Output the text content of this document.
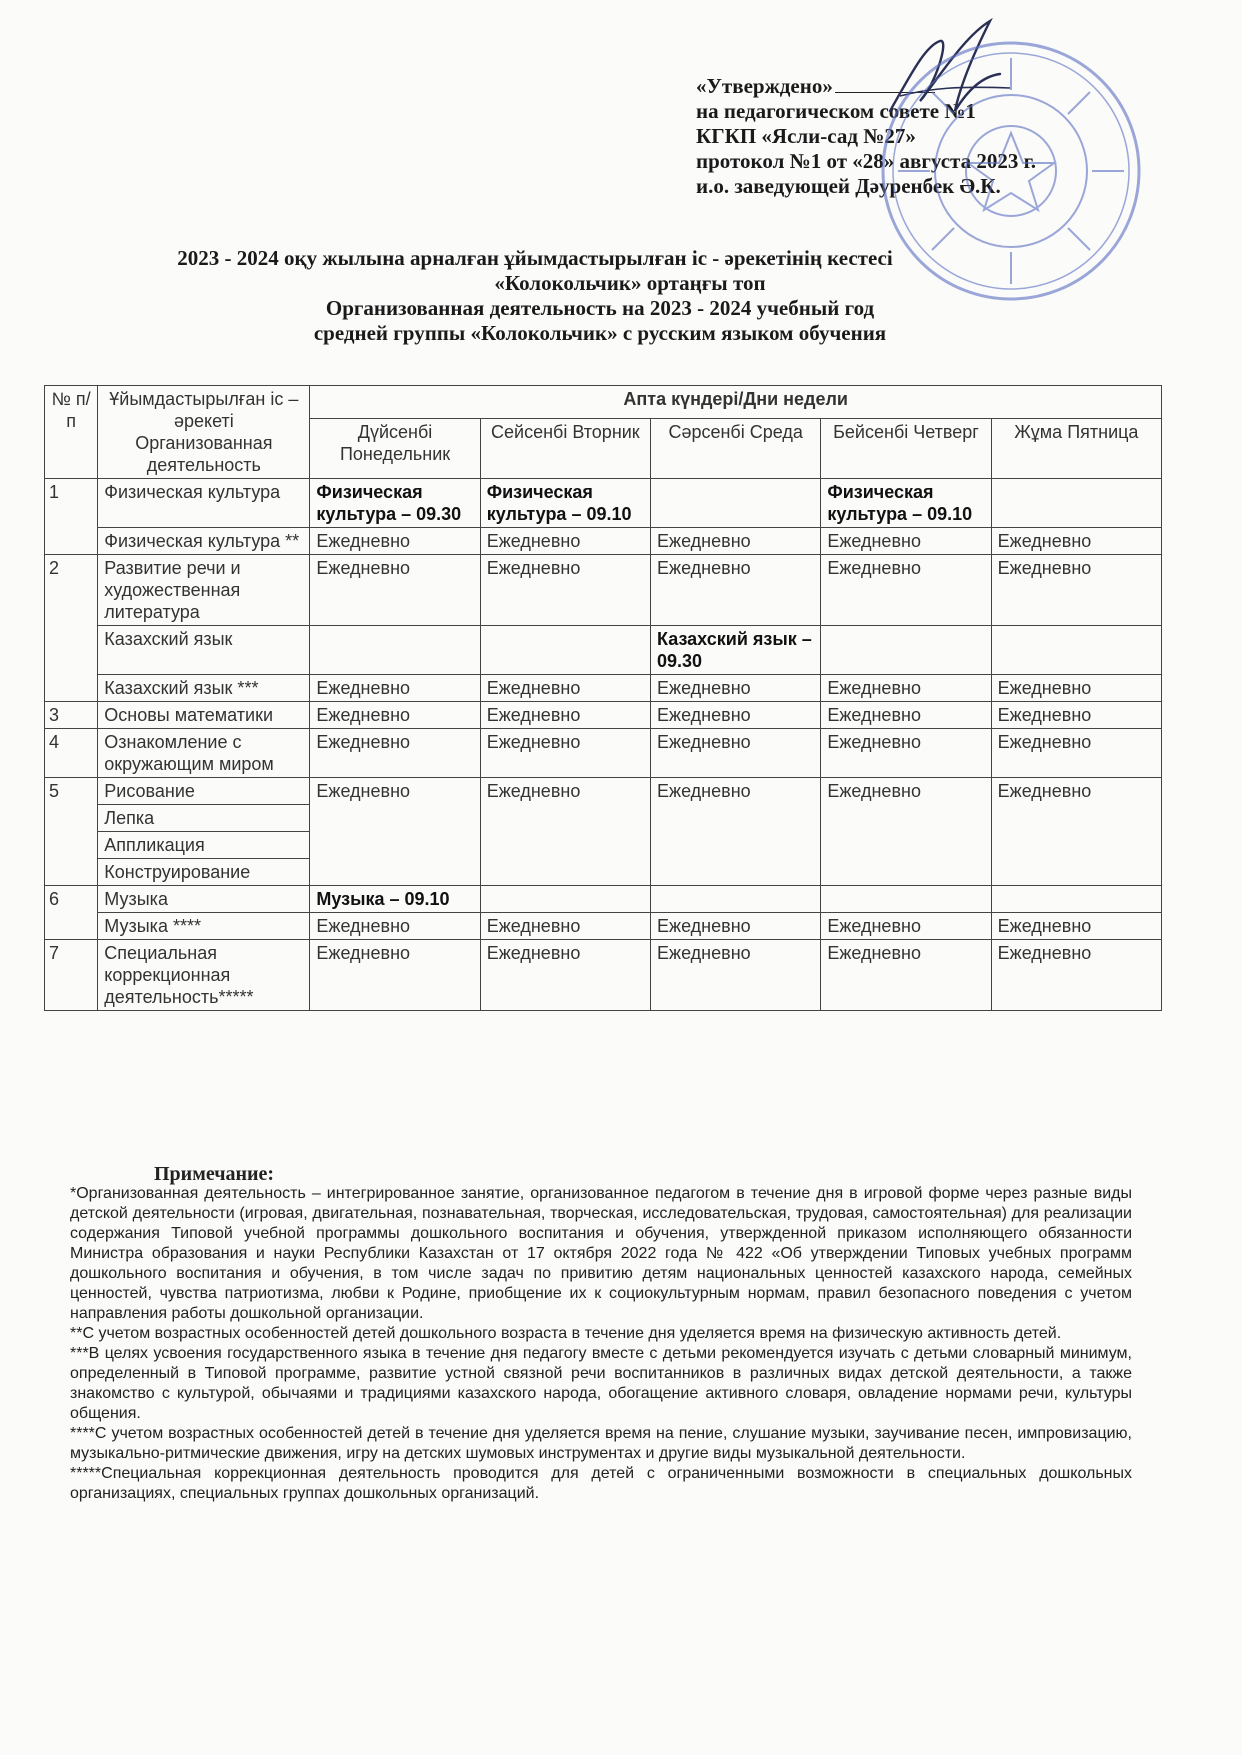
«Утверждено»
на педагогическом совете №1
КГКП «Ясли-сад №27»
протокол №1 от «28» августа 2023 г.
и.о. заведующей Дәуренбек Ә.К.
2023 - 2024 оқу жылына арналған ұйымдастырылған іс - әрекетінің кестесі
«Колокольчик» ортаңғы топ
Организованная деятельность на 2023 - 2024 учебный год
средней группы «Колокольчик» с русским языком обучения
№ п/п	Ұйымдастырылған іс – әрекеті Организованная деятельность	Апта күндері/Дни недели				
		Дүйсенбі Понедельник	Сейсенбі Вторник	Сәрсенбі Среда	Бейсенбі Четверг	Жұма Пятница
1	Физическая культура	Физическая культура – 09.30	Физическая культура – 09.10		Физическая культура – 09.10	
	Физическая культура **	Ежедневно	Ежедневно	Ежедневно	Ежедневно	Ежедневно
2	Развитие речи и художественная литература	Ежедневно	Ежедневно	Ежедневно	Ежедневно	Ежедневно
	Казахский язык			Казахский язык – 09.30		
	Казахский язык ***	Ежедневно	Ежедневно	Ежедневно	Ежедневно	Ежедневно
3	Основы математики	Ежедневно	Ежедневно	Ежедневно	Ежедневно	Ежедневно
4	Ознакомление с окружающим миром	Ежедневно	Ежедневно	Ежедневно	Ежедневно	Ежедневно
5	Рисование	Ежедневно	Ежедневно	Ежедневно	Ежедневно	Ежедневно
	Лепка					
	Аппликация					
	Конструирование					
6	Музыка	Музыка – 09.10				
	Музыка ****	Ежедневно	Ежедневно	Ежедневно	Ежедневно	Ежедневно
7	Специальная коррекционная деятельность*****	Ежедневно	Ежедневно	Ежедневно	Ежедневно	Ежедневно
Примечание:

*Организованная деятельность – интегрированное занятие, организованное педагогом в течение дня в игровой форме через разные виды детской деятельности (игровая, двигательная, познавательная, творческая, исследовательская, трудовая, самостоятельная) для реализации содержания Типовой учебной программы дошкольного воспитания и обучения, утвержденной приказом исполняющего обязанности Министра образования и науки Республики Казахстан от 17 октября 2022 года № 422 «Об утверждении Типовых учебных программ дошкольного воспитания и обучения, в том числе задач по привитию детям национальных ценностей казахского народа, семейных ценностей, чувства патриотизма, любви к Родине, приобщение их к социокультурным нормам, правил безопасного поведения с учетом направления работы дошкольной организации.

**С учетом возрастных особенностей детей дошкольного возраста в течение дня уделяется время на физическую активность детей.

***В целях усвоения государственного языка в течение дня педагогу вместе с детьми рекомендуется изучать с детьми словарный минимум, определенный в Типовой программе, развитие устной связной речи воспитанников в различных видах детской деятельности, а также знакомство с культурой, обычаями и традициями казахского народа, обогащение активного словаря, овладение нормами речи, культуры общения.

****С учетом возрастных особенностей детей в течение дня уделяется время на пение, слушание музыки, заучивание песен, импровизацию, музыкально-ритмические движения, игру на детских шумовых инструментах и другие виды музыкальной деятельности.

*****Специальная коррекционная деятельность проводится для детей с ограниченными возможности в специальных дошкольных организациях, специальных группах дошкольных организаций.
